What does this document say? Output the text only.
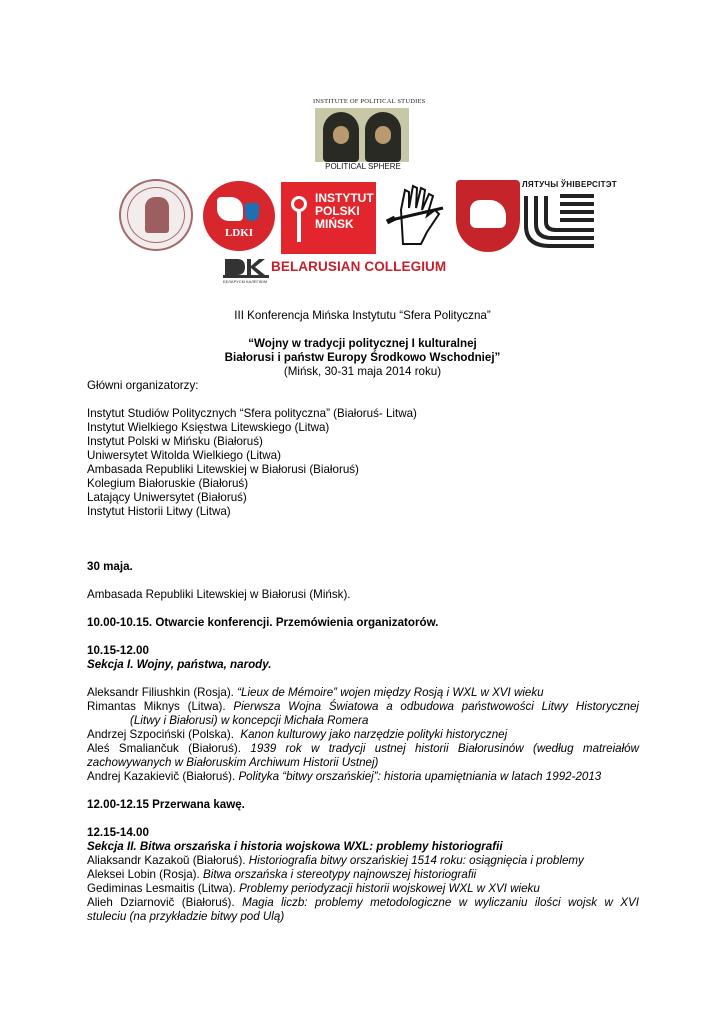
INSTITUTE OF POLITICAL STUDIES
POLITICAL SPHERE
LDKI
INSTYTUT
POLSKI
MIŃSK
ЛЯТУЧЫ ЎНІВЕРСІТЭТ
BELARUSIAN COLLEGIUM
БЕЛАРУСКІ КАЛЕГІЮМ
III Konferencja Mińska Instytutu “Sfera Polityczna”
“Wojny w tradycji politycznej I kulturalnej
Białorusi i państw Europy Środkowo Wschodniej”
(Mińsk, 30-31 maja 2014 roku)
Główni organizatorzy:
Instytut Studiów Politycznych “Sfera polityczna” (Białoruś- Litwa)
Instytut Wielkiego Księstwa Litewskiego (Litwa)
Instytut Polski w Mińsku (Białoruś)
Uniwersytet Witolda Wielkiego (Litwa)
Ambasada Republiki Litewskiej w Białorusi (Białoruś)
Kolegium Białoruskie (Białoruś)
Latający Uniwersytet (Białoruś)
Instytut Historii Litwy (Litwa)
30 maja.
Ambasada Republiki Litewskiej w Białorusi (Mińsk).
10.00-10.15. Otwarcie konferencji. Przemówienia organizatorów.
10.15-12.00
Sekcja I. Wojny, państwa, narody.
Aleksandr Filiushkin (Rosja). “Lieux de Mémoire” wojen między Rosją i WXL w XVI wieku
Rimantas Miknys (Litwa). Pierwsza Wojna Światowa a odbudowa państwowości Litwy Historycznej
(Litwy i Białorusi) w koncepcji Michała Romera
Andrzej Szpociński (Polska). Kanon kulturowy jako narzędzie polityki historycznej
Aleś Smaliančuk (Białoruś). 1939 rok w tradycji ustnej historii Białorusinów (według matreiałów
zachowywanych w Białoruskim Archiwum Historii Ustnej)
Andrej Kazakievič (Białoruś). Polityka “bitwy orszańskiej”: historia upamiętniania w latach 1992-2013
12.00-12.15 Przerwana kawę.
12.15-14.00
Sekcja II. Bitwa orszańska i historia wojskowa WXL: problemy historiografii
Aliaksandr Kazakoŭ (Białoruś). Historiografia bitwy orszańskiej 1514 roku: osiągnięcia i problemy
Aleksei Lobin (Rosja). Bitwa orszańska i stereotypy najnowszej historiografii
Gediminas Lesmaitis (Litwa). Problemy periodyzacji historii wojskowej WXL w XVI wieku
Alieh Dziarnovič (Białoruś). Magia liczb: problemy metodologiczne w wyliczaniu ilości wojsk w XVI
stuleciu (na przykładzie bitwy pod Ulą)
